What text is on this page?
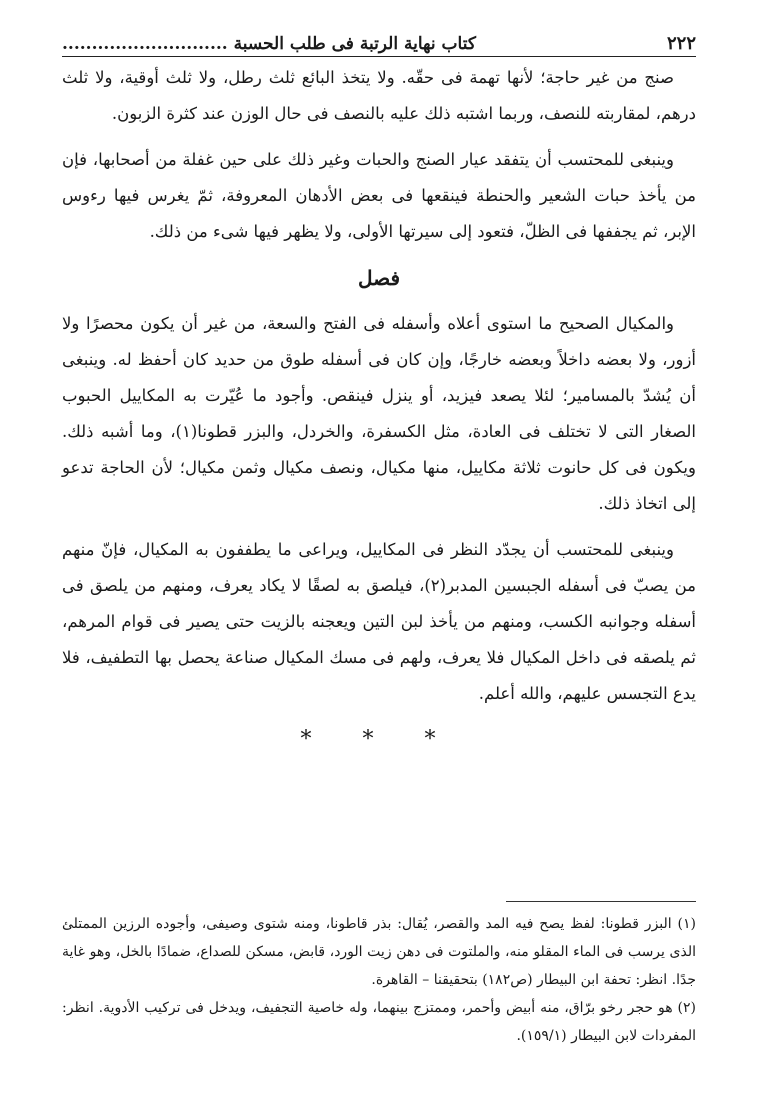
٢٢٢
كتاب نهاية الرتبة فى طلب الحسبة ............................

صنج من غير حاجة؛ لأنها تهمة فى حقّه. ولا يتخذ البائع ثلث رطل، ولا ثلث أوقية، ولا ثلث درهم، لمقاربته للنصف، وربما اشتبه ذلك عليه بالنصف فى حال الوزن عند كثرة الزبون.

وينبغى للمحتسب أن يتفقد عيار الصنج والحبات وغير ذلك على حين غفلة من أصحابها، فإن من يأخذ حبات الشعير والحنطة فينقعها فى بعض الأدهان المعروفة، ثمّ يغرس فيها رءوس الإبر، ثم يجففها فى الظلّ، فتعود إلى سيرتها الأولى، ولا يظهر فيها شىء من ذلك.

فصل

والمكيال الصحيح ما استوى أعلاه وأسفله فى الفتح والسعة، من غير أن يكون محصرًا ولا أزور، ولا بعضه داخلاً وبعضه خارجًا، وإن كان فى أسفله طوق من حديد كان أحفظ له. وينبغى أن يُشدّ بالمسامير؛ لئلا يصعد فيزيد، أو ينزل فينقص. وأجود ما عُيّرت به المكاييل الحبوب الصغار التى لا تختلف فى العادة، مثل الكسفرة، والخردل، والبزر قطونا(١)، وما أشبه ذلك. ويكون فى كل حانوت ثلاثة مكاييل، منها مكيال، ونصف مكيال وثمن مكيال؛ لأن الحاجة تدعو إلى اتخاذ ذلك.

وينبغى للمحتسب أن يجدّد النظر فى المكاييل، ويراعى ما يطففون به المكيال، فإنّ منهم من يصبّ فى أسفله الجبسين المدبر(٢)، فيلصق به لصقًا لا يكاد يعرف، ومنهم من يلصق فى أسفله وجوانبه الكسب، ومنهم من يأخذ لبن التين ويعجنه بالزيت حتى يصير فى قوام المرهم، ثم يلصقه فى داخل المكيال فلا يعرف، ولهم فى مسك المكيال صناعة يحصل بها التطفيف، فلا يدع التجسس عليهم، والله أعلم.

* * *

(١) البزر قطونا: لفظ يصح فيه المد والقصر، يُقال: بذر قاطونا، ومنه شتوى وصيفى، وأجوده الرزين الممتلئ الذى يرسب فى الماء المقلو منه، والملتوت فى دهن زيت الورد، قابض، مسكن للصداع، ضمادًا بالخل، وهو غاية جدًا. انظر: تحفة ابن البيطار (ص١٨٢) بتحقيقنا – القاهرة.

(٢) هو حجر رخو برّاق، منه أبيض وأحمر، وممتزج بينهما، وله خاصية التجفيف، ويدخل فى تركيب الأدوية. انظر: المفردات لابن البيطار (١٥٩/١).
